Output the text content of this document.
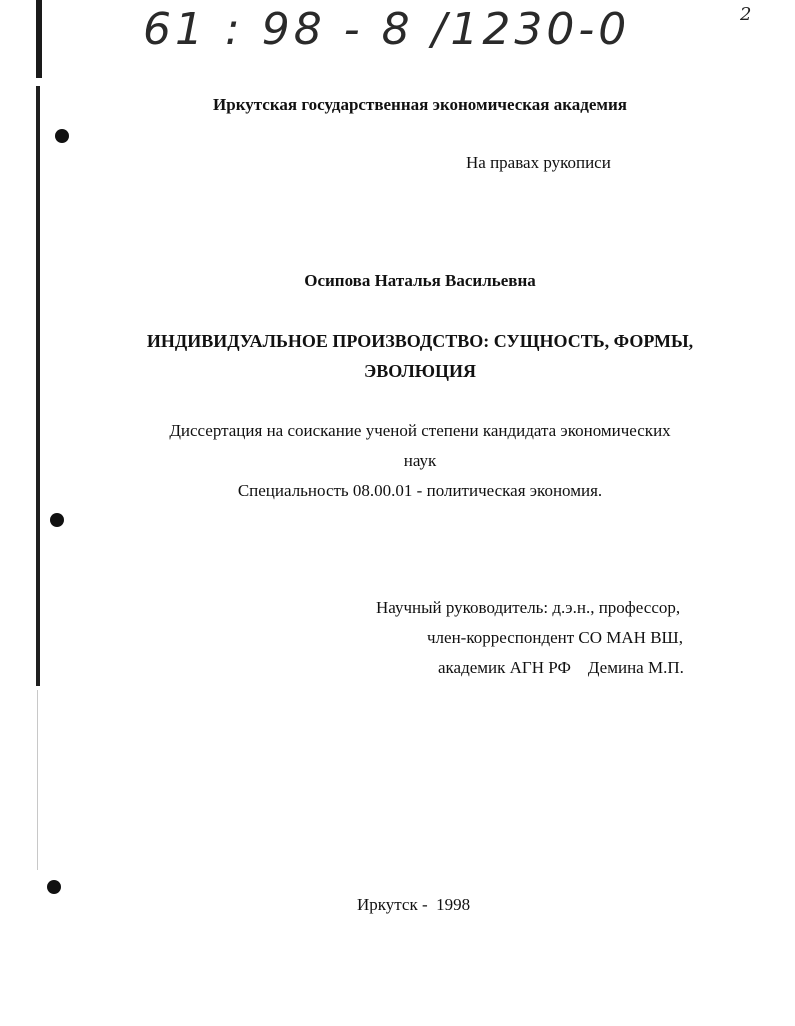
61 : 98 - 8 /1230-0	2
Иркутская государственная экономическая академия
На правах рукописи
Осипова Наталья Васильевна
ИНДИВИДУАЛЬНОЕ ПРОИЗВОДСТВО: СУЩНОСТЬ, ФОРМЫ,
ЭВОЛЮЦИЯ
Диссертация на соискание ученой степени кандидата экономических
наук
Специальность 08.00.01 - политическая экономия.
Научный руководитель: д.э.н., профессор,
член-корреспондент СО МАН ВШ,
академик АГН РФ    Демина М.П.
Иркутск -  1998
